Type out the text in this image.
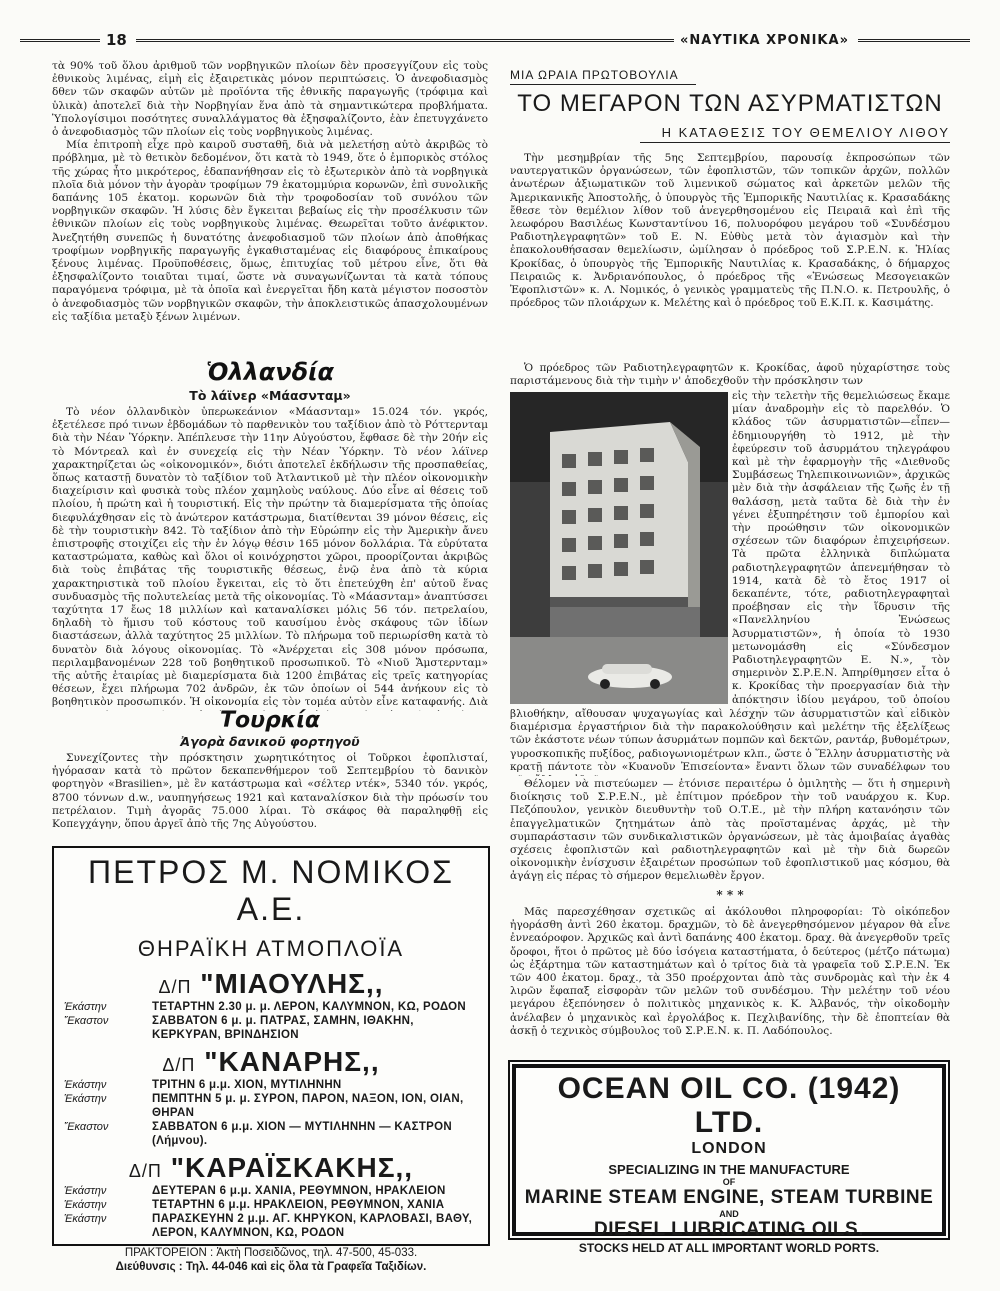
18	«ΝΑΥΤΙΚΑ ΧΡΟΝΙΚΑ»

τὰ 90% τοῦ ὅλου ἀριθμοῦ τῶν νορβηγικῶν πλοίων δὲν προσεγγίζουν εἰς τοὺς ἐθνικοὺς λιμένας, εἰμὴ εἰς ἐξαιρετικὰς μόνον περιπτώσεις. Ὁ ἀνεφοδιασμὸς δθεν τῶν σκαφῶν αὐτῶν μὲ προϊόντα τῆς ἐθνικῆς παραγωγῆς (τρόφιμα καὶ ὑλικὰ) ἀποτελεῖ διὰ τὴν Νορβηγίαν ἕνα ἀπὸ τὰ σημαντικώτερα προβλήματα. Ὑπολογίσιμοι ποσότητες συναλλάγματος θὰ ἐξησφαλίζοντο, ἐὰν ἐπετυγχάνετο ὁ ἀνεφοδιασμὸς τῶν πλοίων εἰς τοὺς νορβηγικοὺς λιμένας.

Μία ἐπιτροπὴ εἶχε πρὸ καιροῦ συσταθῆ, διὰ νὰ μελετήσῃ αὐτὸ ἀκριβῶς τὸ πρόβλημα, μὲ τὸ θετικὸν δεδομένον, ὅτι κατὰ τὸ 1949, ὅτε ὁ ἐμπορικὸς στόλος τῆς χώρας ἦτο μικρότερος, ἐδαπανήθησαν εἰς τὸ ἐξωτερικὸν ἀπὸ τὰ νορβηγικὰ πλοῖα διὰ μόνον τὴν ἀγορὰν τροφίμων 79 ἑκατομμύρια κορωνῶν, ἐπὶ συνολικῆς δαπάνης 105 ἑκατομ. κορωνῶν διὰ τὴν τροφοδοσίαν τοῦ συνόλου τῶν νορβηγικῶν σκαφῶν. Ἡ λύσις δὲν ἔγκειται βεβαίως εἰς τὴν προσέλκυσιν τῶν ἐθνικῶν πλοίων εἰς τοὺς νορβηγικοὺς λιμένας. Θεωρεῖται τοῦτο ἀνέφικτον. Ἀνεζητήθη συνεπῶς ἡ δυνατότης ἀνεφοδιασμοῦ τῶν πλοίων ἀπὸ ἀποθήκας τροφίμων νορβηγικῆς παραγωγῆς ἐγκαθισταμένας εἰς διαφόρους ἐπικαίρους ξένους λιμένας. Προϋποθέσεις, ὅμως, ἐπιτυχίας τοῦ μέτρου εἶνε, ὅτι θὰ ἐξησφαλίζοντο τοιαῦται τιμαί, ὥστε νὰ συναγωνίζωνται τὰ κατὰ τόπους παραγόμενα τρόφιμα, μὲ τὰ ὁποῖα καὶ ἐνεργεῖται ἤδη κατὰ μέγιστον ποσοστὸν ὁ ἀνεφοδιασμὸς τῶν νορβηγικῶν σκαφῶν, τὴν ἀποκλειστικῶς ἀπασχολουμένων εἰς ταξίδια μεταξὺ ξένων λιμένων.

Ὁλλανδία
Τὸ λάϊνερ «Μάασνταμ»

Τὸ νέον ὁλλανδικὸν ὑπερωκεάνιον «Μάασνταμ» 15.024 τόν. γκρός, ἐξετέλεσε πρό τινων ἑβδομάδων τὸ παρθενικὸν του ταξίδιον ἀπὸ τὸ Ρόττερνταμ διὰ τὴν Νέαν Ὑόρκην. Ἀπέπλευσε τὴν 11ην Αὐγούστου, ἔφθασε δὲ τὴν 20ήν εἰς τὸ Μόντρεαλ καὶ ἐν συνεχείᾳ εἰς τὴν Νέαν Ὑόρκην. Τὸ νέον λάϊνερ χαρακτηρίζεται ὡς «οἰκονομικόν», διότι ἀποτελεῖ ἐκδήλωσιν τῆς προσπαθείας, ὅπως καταστῇ δυνατὸν τὸ ταξίδιον τοῦ Ἀτλαντικοῦ μὲ τὴν πλέον οἰκονομικὴν διαχείρισιν καὶ φυσικὰ τοὺς πλέον χαμηλοὺς ναύλους. Δύο εἶνε αἱ θέσεις τοῦ πλοίου, ἡ πρώτη καὶ ἡ τουριστική. Εἰς τὴν πρώτην τὰ διαμερίσματα τῆς ὁποίας διεφυλάχθησαν εἰς τὸ ἀνώτερον κατάστρωμα, διατίθενται 39 μόνον θέσεις, εἰς δὲ τὴν τουριστικὴν 842. Τὸ ταξίδιον ἀπὸ τὴν Εὐρώπην εἰς τὴν Ἀμερικὴν ἄνευ ἐπιστροφῆς στοιχίζει εἰς τὴν ἐν λόγῳ θέσιν 165 μόνον δολλάρια. Τὰ εὐρύτατα καταστρώματα, καθὼς καὶ ὅλοι οἱ κοινόχρηστοι χῶροι, προορίζονται ἀκριβῶς διὰ τοὺς ἐπιβάτας τῆς τουριστικῆς θέσεως, ἐνῷ ἐνα ἀπὸ τὰ κύρια χαρακτηριστικὰ τοῦ πλοίου ἔγκειται, εἰς τὸ ὅτι ἐπετεύχθη ἐπ' αὐτοῦ ἕνας συνδυασμὸς τῆς πολυτελείας μετὰ τῆς οἰκονομίας. Τὸ «Μάασνταμ» ἀναπτύσσει ταχύτητα 17 ἔως 18 μιλλίων καὶ καταναλίσκει μόλις 56 τόν. πετρελαίου, δηλαδὴ τὸ ἥμισυ τοῦ κόστους τοῦ καυσίμου ἑνὸς σκάφους τῶν ἰδίων διαστάσεων, ἀλλὰ ταχύτητος 25 μιλλίων. Τὸ πλήρωμα τοῦ περιωρίσθη κατὰ τὸ δυνατὸν διὰ λόγους οἰκονομίας. Τὸ «Ἀνέρχεται εἰς 308 μόνον πρόσωπα, περιλαμβανομένων 228 τοῦ βοηθητικοῦ προσωπικοῦ. Τὸ «Νιοῦ Ἄμστερνταμ» τῆς αὐτῆς ἑταιρίας μὲ διαμερίσματα διὰ 1200 ἐπιβάτας εἰς τρεῖς κατηγορίας θέσεων, ἔχει πλήρωμα 702 ἀνδρῶν, ἐκ τῶν ὁποίων οἱ 544 ἀνήκουν εἰς τὸ βοηθητικὸν προσωπικόν. Ἡ οἰκονομία εἰς τὸν τομέα αὐτὸν εἶνε καταφανής. Διὰ

Τουρκία
Ἀγορὰ δανικοῦ φορτηγοῦ

Συνεχίζοντες τὴν πρόσκτησιν χωρητικότητος οἱ Τοῦρκοι ἐφοπλισταί, ἠγόρασαν κατὰ τὸ πρῶτον δεκαπενθήμερον τοῦ Σεπτεμβρίου τὸ δανικὸν φορτηγὸν «Brasilien», μὲ ἓν κατάστρωμα καὶ «σέλτερ ντέκ», 5340 τόν. γκρός, 8700 τόννων d.w., ναυπηγήσεως 1921 καὶ καταναλίσκον διὰ τὴν πρόωσίν του πετρέλαιον. Τιμὴ ἀγορᾶς 75.000 λίραι. Τὸ σκάφος θὰ παραληφθῇ εἰς Κοπεγχάγην, ὅπου ἀργεῖ ἀπὸ τῆς 7ης Αὐγούστου.

ΠΕΤΡΟΣ Μ. ΝΟΜΙΚΟΣ Α.Ε.
ΘΗΡΑΪΚΗ ΑΤΜΟΠΛΟΪΑ
Δ/Π "ΜΙΑΟΥΛΗΣ,,
Ἑκάστην	ΤΕΤΑΡΤΗΝ 2.30 μ. μ. ΛΕΡΟΝ, ΚΑΛΥΜΝΟΝ, ΚΩ, ΡΟΔΟΝ
Ἕκαστον	ΣΑΒΒΑΤΟΝ 6 μ. μ. ΠΑΤΡΑΣ, ΣΑΜΗΝ, ΙΘΑΚΗΝ, ΚΕΡΚΥΡΑΝ, ΒΡΙΝΔΗΣΙΟΝ
Δ/Π "ΚΑΝΑΡΗΣ,,
Ἑκάστην	ΤΡΙΤΗΝ 6 μ.μ. ΧΙΟΝ, ΜΥΤΙΛΗΝΗΝ
Ἑκάστην	ΠΕΜΠΤΗΝ 5 μ. μ. ΣΥΡΟΝ, ΠΑΡΟΝ, ΝΑΞΟΝ, ΙΟΝ, ΟΙΑΝ, ΘΗΡΑΝ
Ἕκαστον	ΣΑΒΒΑΤΟΝ 6 μ.μ. ΧΙΟΝ — ΜΥΤΙΛΗΝΗΝ — ΚΑΣΤΡΟΝ (Λήμνου).
Δ/Π "ΚΑΡΑΪΣΚΑΚΗΣ,,
Ἑκάστην	ΔΕΥΤΕΡΑΝ 6 μ.μ. ΧΑΝΙΑ, ΡΕΘΥΜΝΟΝ, ΗΡΑΚΛΕΙΟΝ
Ἑκάστην	ΤΕΤΑΡΤΗΝ 6 μ.μ. ΗΡΑΚΛΕΙΟΝ, ΡΕΘΥΜΝΟΝ, ΧΑΝΙΑ
Ἑκάστην	ΠΑΡΑΣΚΕΥΗΝ 2 μ.μ. ΑΓ. ΚΗΡΥΚΟΝ, ΚΑΡΛΟΒΑΣΙ, ΒΑΘΥ, ΛΕΡΟΝ, ΚΑΛΥΜΝΟΝ, ΚΩ, ΡΟΔΟΝ
ΠΡΑΚΤΟΡΕΙΟΝ : Ἀκτὴ Ποσειδῶνος, τηλ. 47-500, 45-033.
Διεύθυνσις : Τηλ. 44-046 καὶ εἰς ὅλα τὰ Γραφεῖα Ταξιδίων.
ΜΙΑ ΩΡΑΙΑ ΠΡΩΤΟΒΟΥΛΙΑ
ΤΟ ΜΕΓΑΡΟΝ ΤΩΝ ΑΣΥΡΜΑΤΙΣΤΩΝ
Η ΚΑΤΑΘΕΣΙΣ ΤΟΥ ΘΕΜΕΛΙΟΥ ΛΙΘΟΥ

Τὴν μεσημβρίαν τῆς 5ης Σεπτεμβρίου, παρουσίᾳ ἐκπροσώπων τῶν ναυτεργατικῶν ὀργανώσεων, τῶν ἐφοπλιστῶν, τῶν τοπικῶν ἀρχῶν, πολλῶν ἀνωτέρων ἀξιωματικῶν τοῦ λιμενικοῦ σώματος καὶ ἀρκετῶν μελῶν τῆς Ἀμερικανικῆς Ἀποστολῆς, ὁ ὑπουργὸς τῆς Ἐμπορικῆς Ναυτιλίας κ. Κρασαδάκης ἔθεσε τὸν θεμέλιον λίθον τοῦ ἀνεγερθησομένου εἰς Πειραιᾶ καὶ ἐπὶ τῆς λεωφόρου Βασιλέως Κωνσταντίνου 16, πολυορόφου μεγάρου τοῦ «Συνδέσμου Ραδιοτηλεγραφητῶν» τοῦ Ε. Ν. Εὐθὺς μετὰ τὸν ἁγιασμὸν καὶ τὴν ἐπακολουθήσασαν θεμελίωσιν, ὡμίλησαν ὁ πρόεδρος τοῦ Σ.Ρ.Ε.Ν. κ. Ἠλίας Κροκίδας, ὁ ὑπουργὸς τῆς Ἐμπορικῆς Ναυτιλίας κ. Κρασαδάκης, ὁ δήμαρχος Πειραιῶς κ. Ἀνδριανόπουλος, ὁ πρόεδρος τῆς «Ἑνώσεως Μεσογειακῶν Ἐφοπλιστῶν» κ. Λ. Νομικός, ὁ γενικὸς γραμματεὺς τῆς Π.Ν.Ο. κ. Πετρουλῆς, ὁ πρόεδρος τῶν πλοιάρχων κ. Μελέτης καὶ ὁ πρόεδρος τοῦ Ε.Κ.Π. κ. Κασιμάτης.

Ὁ πρόεδρος τῶν Ραδιοτηλεγραφητῶν κ. Κροκίδας, ἀφοῦ ηὐχαρίστησε τοὺς παριστάμενους διὰ τὴν τιμὴν ν' ἀποδεχθοῦν τὴν πρόσκλησιν των

εἰς τὴν τελετὴν τῆς θεμελιώσεως ἔκαμε μίαν ἀναδρομὴν εἰς τὸ παρελθόν. Ὁ κλάδος τῶν ἀσυρματιστῶν—εἶπεν—ἐδημιουργήθη τὸ 1912, μὲ τὴν ἐφεύρεσιν τοῦ ἀσυρμάτου τηλεγράφου καὶ μὲ τὴν ἐφαρμογὴν τῆς «Διεθνοῦς Συμβάσεως Τηλεπικοινωνιῶν», ἀρχικῶς μὲν διὰ τὴν ἀσφάλειαν τῆς ζωῆς ἐν τῇ θαλάσσῃ, μετὰ ταῦτα δὲ διὰ τὴν ἐν γένει ἐξυπηρέτησιν τοῦ ἐμπορίου καὶ τὴν προώθησιν τῶν οἰκονομικῶν σχέσεων τῶν διαφόρων ἐπιχειρήσεων. Τὰ πρῶτα ἑλληνικὰ διπλώματα ραδιοτηλεγραφητῶν ἀπενεμήθησαν τὸ 1914, κατὰ δὲ τὸ ἔτος 1917 οἱ δεκαπέντε, τότε, ραδιοτηλεγραφηταὶ προέβησαν εἰς τὴν ἵδρυσιν τῆς «Πανελληνίου Ἑνώσεως Ἀσυρματιστῶν», ἡ ὁποία τὸ 1930 μετωνομάσθη εἰς «Σύνδεσμον Ραδιοτηλεγραφητῶν Ε. Ν.», τὸν σημερινὸν Σ.Ρ.Ε.Ν. Ἀπηρίθμησεν εἶτα ὁ κ. Κροκίδας τὴν προεργασίαν διὰ τὴν ἀπόκτησιν ἰδίου μεγάρου, τοῦ ὁποίου

βλιοθήκην, αἴθουσαν ψυχαγωγίας καὶ λέσχην τῶν ἀσυρματιστῶν καὶ εἰδικὸν διαμέρισμα ἐργαστήριον διὰ τὴν παρακολούθησιν καὶ μελέτην τῆς ἐξελίξεως τῶν ἑκάστοτε νέων τύπων ἀσυρμάτων πομπῶν καὶ δεκτῶν, ραντάρ, βυθομέτρων, γυροσκοπικῆς πυξίδος, ραδιογωνιομέτρων κλπ., ὥστε ὁ Ἕλλην ἀσυρματιστὴς νὰ κρατῇ πάντοτε τὸν «Κυανοῦν Ἐπισείοντα» ἔναντι ὅλων τῶν συναδέλφων του

Θέλομεν νὰ πιστεύωμεν — ἐτόνισε περαιτέρω ὁ ὁμιλητὴς — ὅτι ἡ σημερινὴ διοίκησις τοῦ Σ.Ρ.Ε.Ν., μὲ ἐπίτιμον πρόεδρον τὴν τοῦ ναυάρχου κ. Κυρ. Πεζόπουλον, γενικὸν διευθυντὴν τοῦ Ο.Τ.Ε., μὲ τὴν πλήρη κατανόησιν τῶν ἐπαγγελματικῶν ζητημάτων ἀπὸ τὰς προϊσταμένας ἀρχάς, μὲ τὴν συμπαράστασιν τῶν συνδικαλιστικῶν ὀργανώσεων, μὲ τὰς ἀμοιβαίας ἀγαθὰς σχέσεις ἐφοπλιστῶν καὶ ραδιοτηλεγραφητῶν καὶ μὲ τὴν διὰ δωρεῶν οἰκονομικὴν ἐνίσχυσιν ἐξαιρέτων προσώπων τοῦ ἐφοπλιστικοῦ μας κόσμου, θὰ ἀγάγῃ εἰς πέρας τὸ σήμερον θεμελιωθὲν ἔργον.

* * *

Μᾶς παρεσχέθησαν σχετικῶς αἱ ἀκόλουθοι πληροφορίαι: Τὸ οἰκόπεδον ἠγοράσθη ἀντὶ 260 ἑκατομ. δραχμῶν, τὸ δὲ ἀνεγερθησόμενον μέγαρον θὰ εἶνε ἐννεαόροφον. Ἀρχικῶς καὶ ἀντὶ δαπάνης 400 ἑκατομ. δραχ. θὰ ἀνεγερθοῦν τρεῖς ὄροφοι, ἤτοι ὁ πρῶτος μὲ δύο ἰσόγεια καταστήματα, ὁ δεύτερος (μέτζο πάτωμα) ὡς ἐξάρτημα τῶν καταστημάτων καὶ ὁ τρίτος διὰ τὰ γραφεῖα τοῦ Σ.Ρ.Ε.Ν. Ἐκ τῶν 400 ἑκατομ. δραχ., τὰ 350 προέρχονται ἀπὸ τὰς συνδρομὰς καὶ τὴν ἐκ 4 λιρῶν ἔφαπαξ εἰσφορὰν τῶν μελῶν τοῦ συνδέσμου. Τὴν μελέτην τοῦ νέου μεγάρου ἐξεπόνησεν ὁ πολιτικὸς μηχανικὸς κ. Κ. Ἀλβανός, τὴν οἰκοδομὴν ἀνέλαβεν ὁ μηχανικὸς καὶ ἐργολάβος κ. Πεχλιβανίδης, τὴν δὲ ἐποπτείαν θὰ ἀσκῇ ὁ τεχνικὸς σύμβουλος τοῦ Σ.Ρ.Ε.Ν. κ. Π. Λαδόπουλος.

OCEAN OIL CO. (1942) LTD.
LONDON
SPECIALIZING IN THE MANUFACTURE
OF
MARINE STEAM ENGINE, STEAM TURBINE
AND
DIESEL LUBRICATING OILS.
STOCKS HELD AT ALL IMPORTANT WORLD PORTS.
